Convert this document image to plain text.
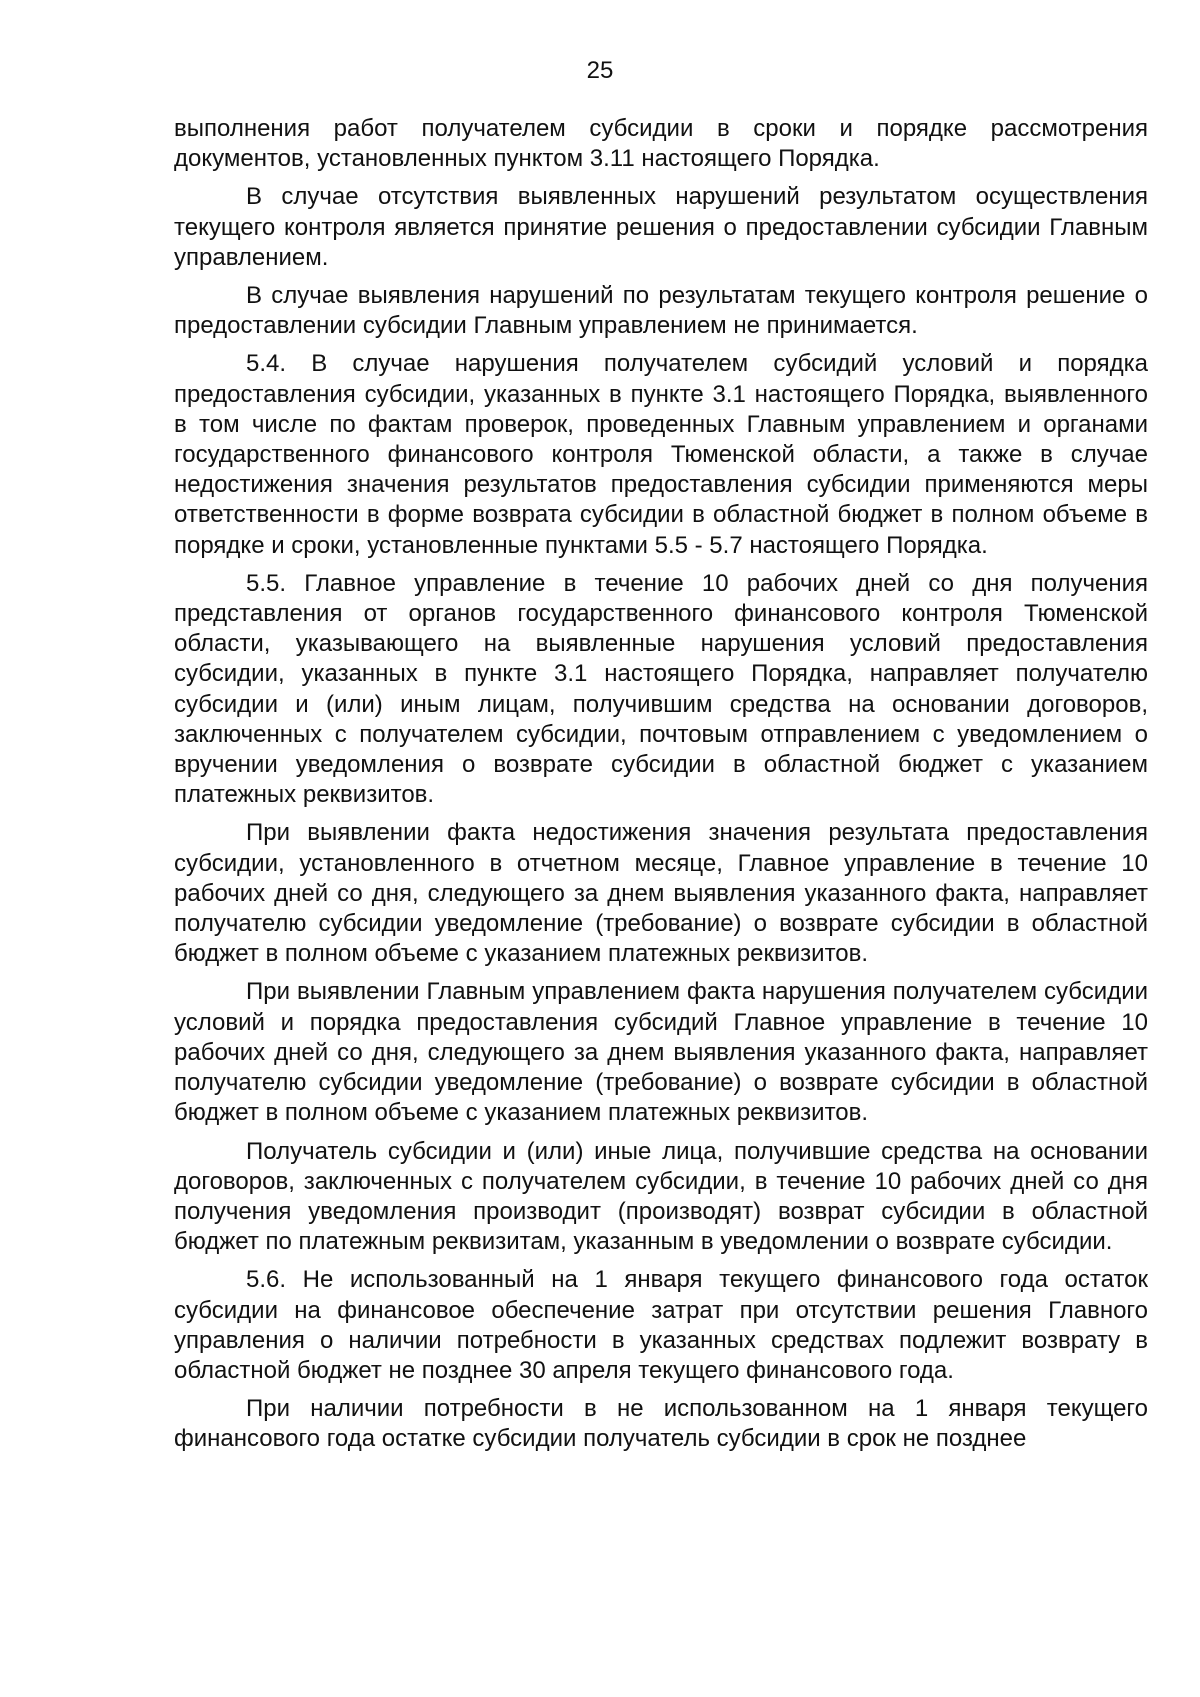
25

выполнения работ получателем субсидии в сроки и порядке рассмотрения документов, установленных пунктом 3.11 настоящего Порядка.

В случае отсутствия выявленных нарушений результатом осуществления текущего контроля является принятие решения о предоставлении субсидии Главным управлением.

В случае выявления нарушений по результатам текущего контроля решение о предоставлении субсидии Главным управлением не принимается.

5.4. В случае нарушения получателем субсидий условий и порядка предоставления субсидии, указанных в пункте 3.1 настоящего Порядка, выявленного в том числе по фактам проверок, проведенных Главным управлением и органами государственного финансового контроля Тюменской области, а также в случае недостижения значения результатов предоставления субсидии применяются меры ответственности в форме возврата субсидии в областной бюджет в полном объеме в порядке и сроки, установленные пунктами 5.5 - 5.7 настоящего Порядка.

5.5. Главное управление в течение 10 рабочих дней со дня получения представления от органов государственного финансового контроля Тюменской области, указывающего на выявленные нарушения условий предоставления субсидии, указанных в пункте 3.1 настоящего Порядка, направляет получателю субсидии и (или) иным лицам, получившим средства на основании договоров, заключенных с получателем субсидии, почтовым отправлением с уведомлением о вручении уведомления о возврате субсидии в областной бюджет с указанием платежных реквизитов.

При выявлении факта недостижения значения результата предоставления субсидии, установленного в отчетном месяце, Главное управление в течение 10 рабочих дней со дня, следующего за днем выявления указанного факта, направляет получателю субсидии уведомление (требование) о возврате субсидии в областной бюджет в полном объеме с указанием платежных реквизитов.

При выявлении Главным управлением факта нарушения получателем субсидии условий и порядка предоставления субсидий Главное управление в течение 10 рабочих дней со дня, следующего за днем выявления указанного факта, направляет получателю субсидии уведомление (требование) о возврате субсидии в областной бюджет в полном объеме с указанием платежных реквизитов.

Получатель субсидии и (или) иные лица, получившие средства на основании договоров, заключенных с получателем субсидии, в течение 10 рабочих дней со дня получения уведомления производит (производят) возврат субсидии в областной бюджет по платежным реквизитам, указанным в уведомлении о возврате субсидии.

5.6. Не использованный на 1 января текущего финансового года остаток субсидии на финансовое обеспечение затрат при отсутствии решения Главного управления о наличии потребности в указанных средствах подлежит возврату в областной бюджет не позднее 30 апреля текущего финансового года.

При наличии потребности в не использованном на 1 января текущего финансового года остатке субсидии получатель субсидии в срок не позднее
